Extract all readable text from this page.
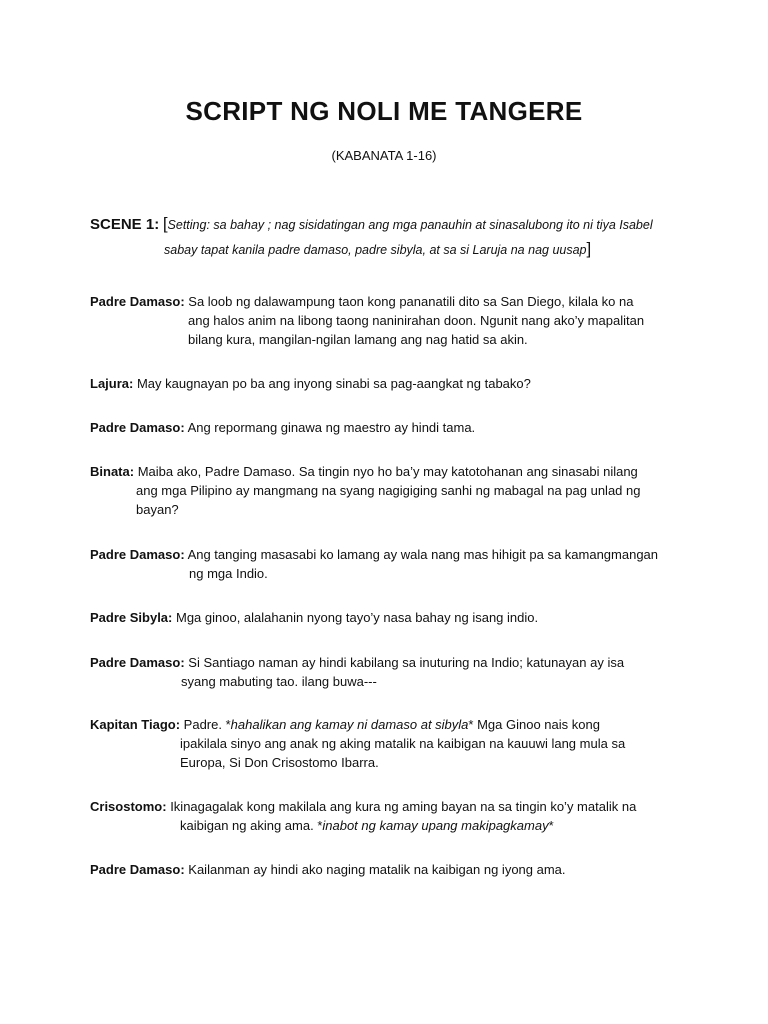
SCRIPT NG NOLI ME TANGERE
(KABANATA 1-16)
SCENE 1: [Setting: sa bahay ; nag sisidatingan ang mga panauhin at sinasalubong ito ni tiya Isabel
sabay tapat kanila padre damaso, padre sibyla, at sa si Laruja na nag uusap]
Padre Damaso: Sa loob ng dalawampung taon kong pananatili dito sa San Diego, kilala ko na
ang halos anim na libong taong naninirahan doon. Ngunit nang ako’y mapalitan
bilang kura, mangilan-ngilan lamang ang nag hatid sa akin.
Lajura: May kaugnayan po ba ang inyong sinabi sa pag-aangkat ng tabako?
Padre Damaso: Ang repormang ginawa ng maestro ay hindi tama.
Binata: Maiba ako, Padre Damaso. Sa tingin nyo ho ba’y may katotohanan ang sinasabi nilang
ang mga Pilipino ay mangmang na syang nagigiging sanhi ng mabagal na pag unlad ng
bayan?
Padre Damaso: Ang tanging masasabi ko lamang ay wala nang mas hihigit pa sa kamangmangan
ng mga Indio.
Padre Sibyla: Mga ginoo, alalahanin nyong tayo’y nasa bahay ng isang indio.
Padre Damaso: Si Santiago naman ay hindi kabilang sa inuturing na Indio; katunayan ay isa
syang mabuting tao. ilang buwa---
Kapitan Tiago: Padre. *hahalikan ang kamay ni damaso at sibyla* Mga Ginoo nais kong
ipakilala sinyo ang anak ng aking matalik na kaibigan na kauuwi lang mula sa
Europa, Si Don Crisostomo Ibarra.
Crisostomo: Ikinagagalak kong makilala ang kura ng aming bayan na sa tingin ko’y matalik na
kaibigan ng aking ama. *inabot ng kamay upang makipagkamay*
Padre Damaso: Kailanman ay hindi ako naging matalik na kaibigan ng iyong ama.
